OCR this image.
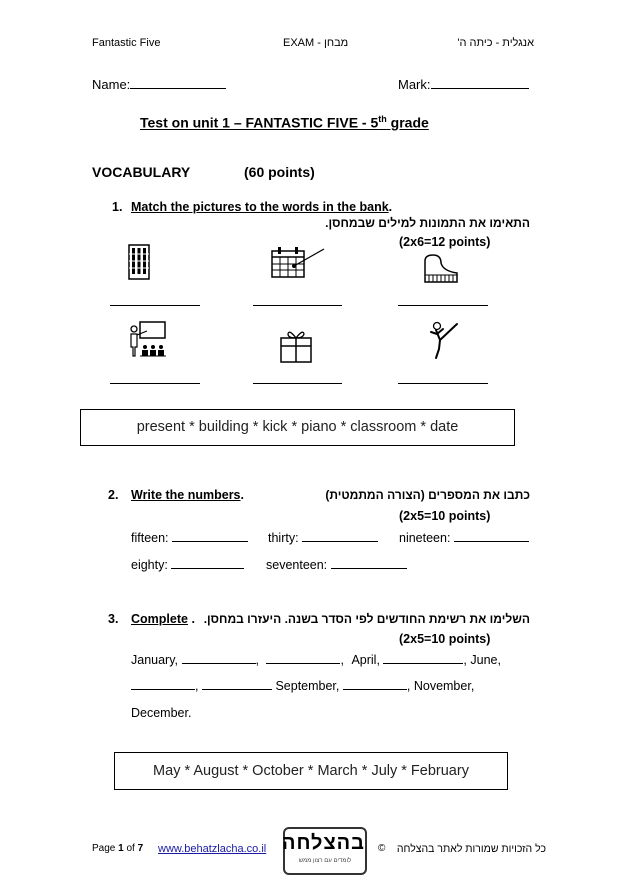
Fantastic Five	EXAM - מבחן	אנגלית - כיתה ה'
Name:	Mark:
Test on unit 1 – FANTASTIC FIVE - 5th grade
VOCABULARY	(60 points)
1. Match the pictures to the words in the bank.
התאימו את התמונות למילים שבמחסן.
(2x6=12 points)
present * building * kick * piano * classroom * date
2. Write the numbers.	כתבו את המספרים (הצורה המתמטית)
(2x5=10 points)
fifteen:	thirty:	nineteen:
eighty:	seventeen:
3. Complete . השלימו את רשימת החודשים לפי הסדר בשנה. היעזרו במחסן.
(2x5=10 points)
January,	,	, April,	, June,
,	September,	, November,
December.
May * August * October * March * July * February
Page 1 of 7 www.behatzlacha.co.il בהצלחה
לומדים עם רצון ממש
© כל הזכויות שמורות לאתר בהצלחה
